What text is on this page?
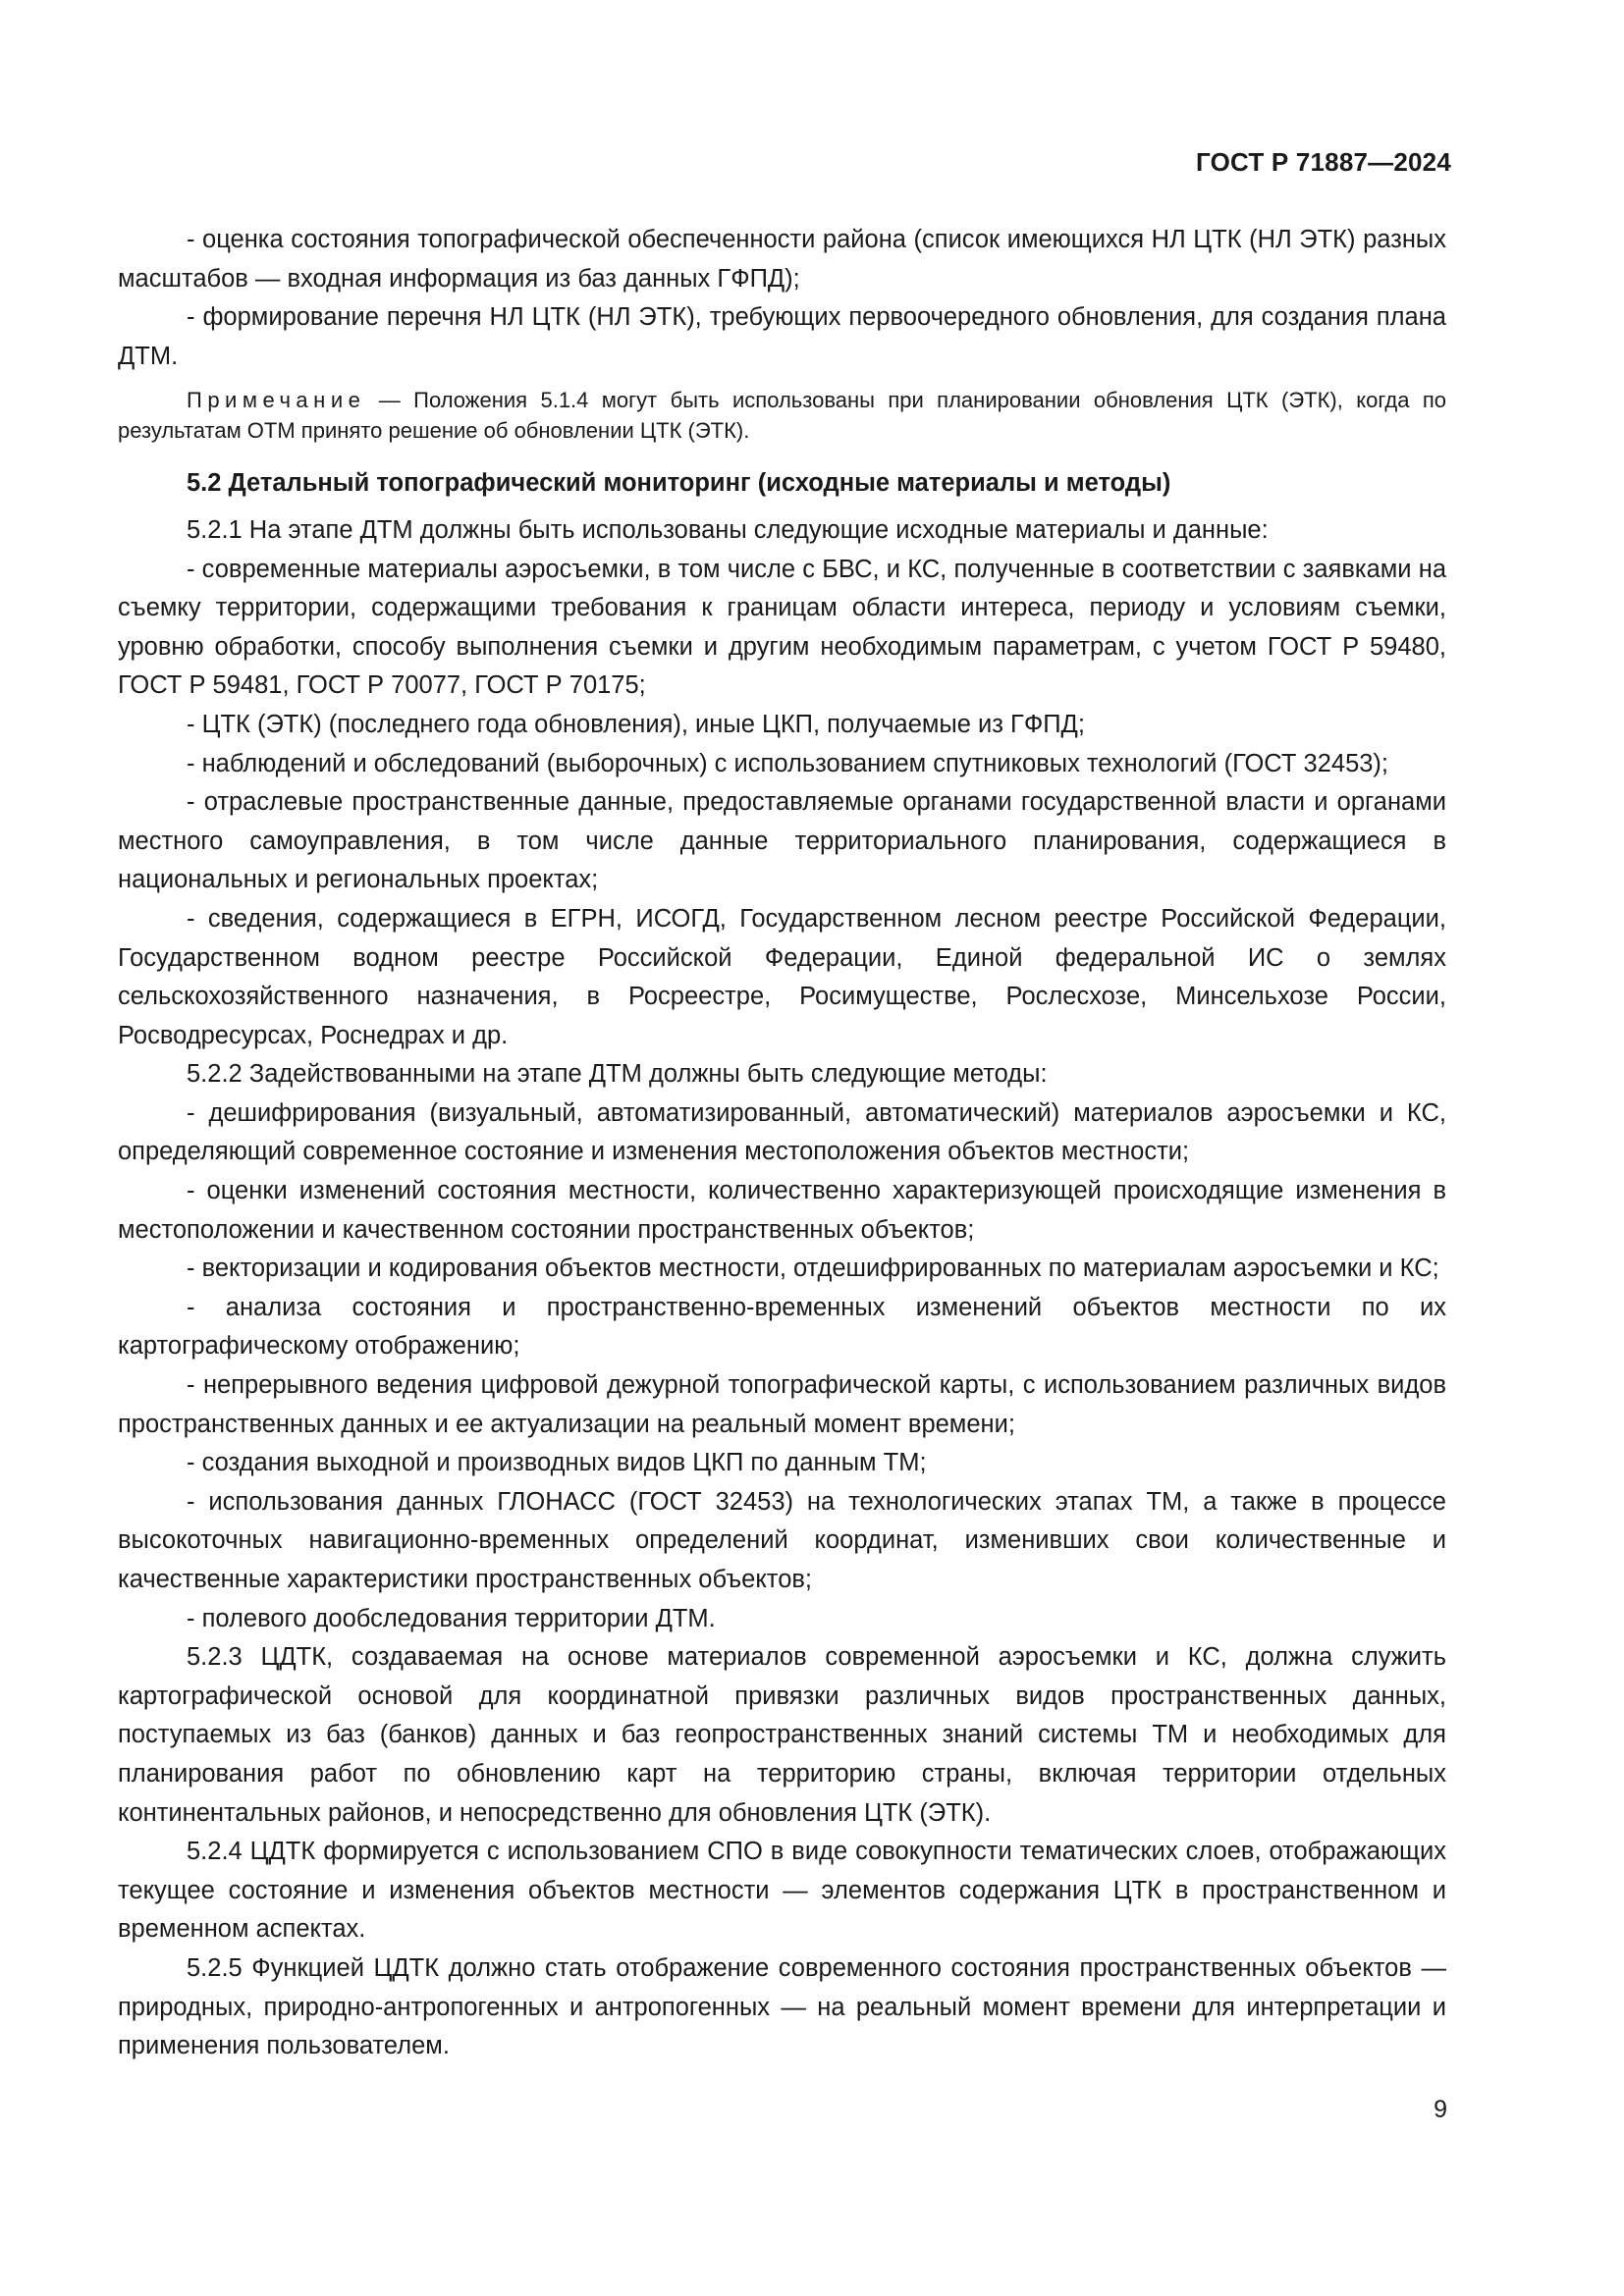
ГОСТ Р 71887—2024

- оценка состояния топографической обеспеченности района (список имеющихся НЛ ЦТК (НЛ ЭТК) разных масштабов — входная информация из баз данных ГФПД);

- формирование перечня НЛ ЦТК (НЛ ЭТК), требующих первоочередного обновления, для создания плана ДТМ.

Примечание — Положения 5.1.4 могут быть использованы при планировании обновления ЦТК (ЭТК), когда по результатам ОТМ принято решение об обновлении ЦТК (ЭТК).

5.2 Детальный топографический мониторинг (исходные материалы и методы)

5.2.1 На этапе ДТМ должны быть использованы следующие исходные материалы и данные:

- современные материалы аэросъемки, в том числе с БВС, и КС, полученные в соответствии с заявками на съемку территории, содержащими требования к границам области интереса, периоду и условиям съемки, уровню обработки, способу выполнения съемки и другим необходимым параметрам, с учетом ГОСТ Р 59480, ГОСТ Р 59481, ГОСТ Р 70077, ГОСТ Р 70175;

- ЦТК (ЭТК) (последнего года обновления), иные ЦКП, получаемые из ГФПД;

- наблюдений и обследований (выборочных) с использованием спутниковых технологий (ГОСТ 32453);

- отраслевые пространственные данные, предоставляемые органами государственной власти и органами местного самоуправления, в том числе данные территориального планирования, содержащиеся в национальных и региональных проектах;

- сведения, содержащиеся в ЕГРН, ИСОГД, Государственном лесном реестре Российской Федерации, Государственном водном реестре Российской Федерации, Единой федеральной ИС о землях сельскохозяйственного назначения, в Росреестре, Росимуществе, Рослесхозе, Минсельхозе России, Росводресурсах, Роснедрах и др.

5.2.2 Задействованными на этапе ДТМ должны быть следующие методы:

- дешифрирования (визуальный, автоматизированный, автоматический) материалов аэросъемки и КС, определяющий современное состояние и изменения местоположения объектов местности;

- оценки изменений состояния местности, количественно характеризующей происходящие изменения в местоположении и качественном состоянии пространственных объектов;

- векторизации и кодирования объектов местности, отдешифрированных по материалам аэросъемки и КС;

- анализа состояния и пространственно-временных изменений объектов местности по их картографическому отображению;

- непрерывного ведения цифровой дежурной топографической карты, с использованием различных видов пространственных данных и ее актуализации на реальный момент времени;

- создания выходной и производных видов ЦКП по данным ТМ;

- использования данных ГЛОНАСС (ГОСТ 32453) на технологических этапах ТМ, а также в процессе высокоточных навигационно-временных определений координат, изменивших свои количественные и качественные характеристики пространственных объектов;

- полевого дообследования территории ДТМ.

5.2.3 ЦДТК, создаваемая на основе материалов современной аэросъемки и КС, должна служить картографической основой для координатной привязки различных видов пространственных данных, поступаемых из баз (банков) данных и баз геопространственных знаний системы ТМ и необходимых для планирования работ по обновлению карт на территорию страны, включая территории отдельных континентальных районов, и непосредственно для обновления ЦТК (ЭТК).

5.2.4 ЦДТК формируется с использованием СПО в виде совокупности тематических слоев, отображающих текущее состояние и изменения объектов местности — элементов содержания ЦТК в пространственном и временном аспектах.

5.2.5 Функцией ЦДТК должно стать отображение современного состояния пространственных объектов — природных, природно-антропогенных и антропогенных — на реальный момент времени для интерпретации и применения пользователем.

9
